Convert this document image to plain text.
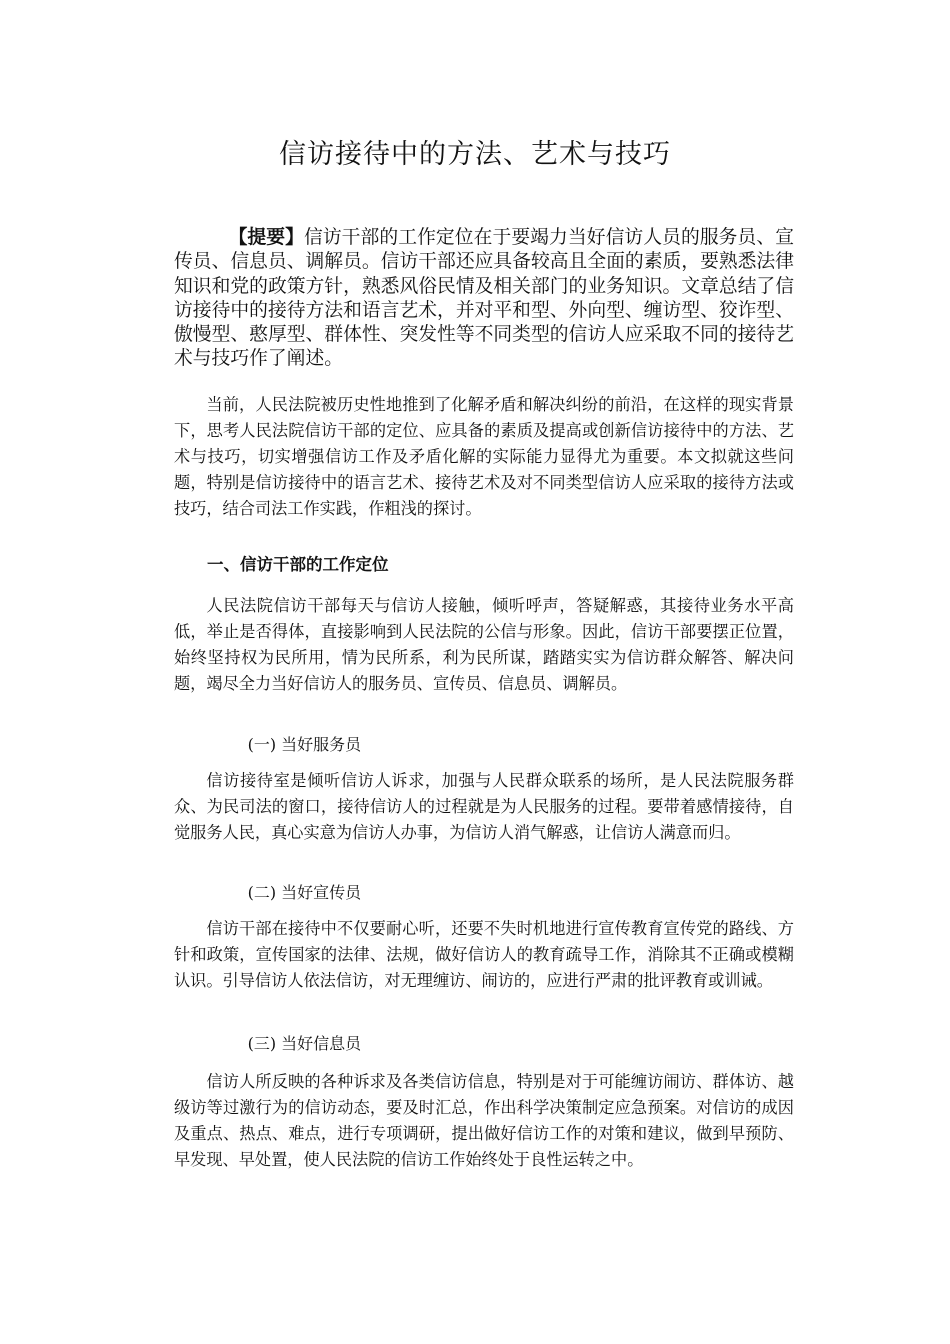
信访接待中的方法、艺术与技巧
【提要】信访干部的工作定位在于要竭力当好信访人员的服务员、宣传员、信息员、调解员。信访干部还应具备较高且全面的素质，要熟悉法律知识和党的政策方针，熟悉风俗民情及相关部门的业务知识。文章总结了信访接待中的接待方法和语言艺术，并对平和型、外向型、缠访型、狡诈型、傲慢型、憨厚型、群体性、突发性等不同类型的信访人应采取不同的接待艺术与技巧作了阐述。
当前，人民法院被历史性地推到了化解矛盾和解决纠纷的前沿，在这样的现实背景下，思考人民法院信访干部的定位、应具备的素质及提高或创新信访接待中的方法、艺术与技巧，切实增强信访工作及矛盾化解的实际能力显得尤为重要。本文拟就这些问题，特别是信访接待中的语言艺术、接待艺术及对不同类型信访人应采取的接待方法或技巧，结合司法工作实践，作粗浅的探讨。
一、信访干部的工作定位
人民法院信访干部每天与信访人接触，倾听呼声，答疑解惑，其接待业务水平高低，举止是否得体，直接影响到人民法院的公信与形象。因此，信访干部要摆正位置，始终坚持权为民所用，情为民所系，利为民所谋，踏踏实实为信访群众解答、解决问题，竭尽全力当好信访人的服务员、宣传员、信息员、调解员。
(一) 当好服务员
信访接待室是倾听信访人诉求，加强与人民群众联系的场所，是人民法院服务群众、为民司法的窗口，接待信访人的过程就是为人民服务的过程。要带着感情接待，自觉服务人民，真心实意为信访人办事，为信访人消气解惑，让信访人满意而归。
(二) 当好宣传员
信访干部在接待中不仅要耐心听，还要不失时机地进行宣传教育宣传党的路线、方针和政策，宣传国家的法律、法规，做好信访人的教育疏导工作，消除其不正确或模糊认识。引导信访人依法信访，对无理缠访、闹访的，应进行严肃的批评教育或训诫。
(三) 当好信息员
信访人所反映的各种诉求及各类信访信息，特别是对于可能缠访闹访、群体访、越级访等过激行为的信访动态，要及时汇总，作出科学决策制定应急预案。对信访的成因及重点、热点、难点，进行专项调研，提出做好信访工作的对策和建议，做到早预防、早发现、早处置，使人民法院的信访工作始终处于良性运转之中。
